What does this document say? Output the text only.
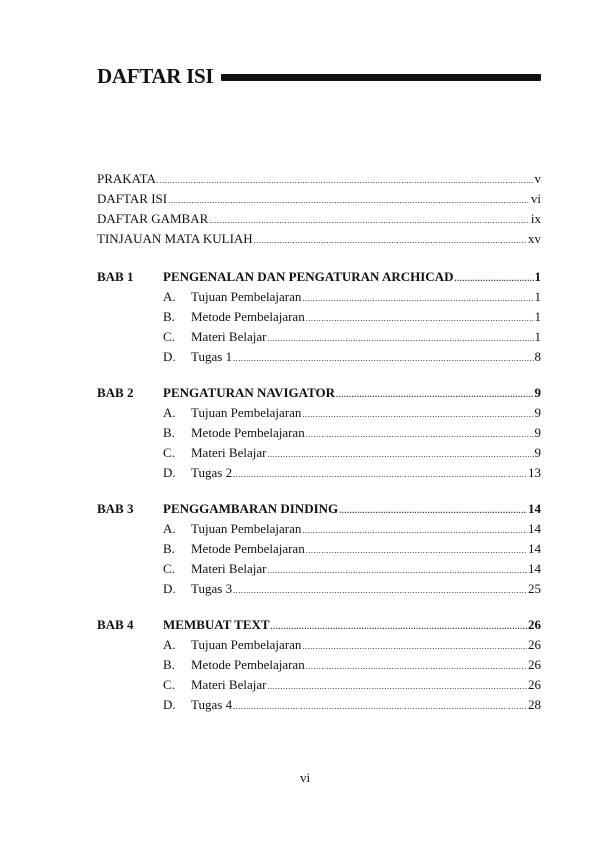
DAFTAR ISI
PRAKATA .....	v
DAFTAR ISI .....	vi
DAFTAR GAMBAR .....	ix
TINJAUAN MATA KULIAH .....	xv
BAB 1	PENGENALAN DAN PENGATURAN ARCHICAD .....	1
A.	Tujuan Pembelajaran .....	1
B.	Metode Pembelajaran .....	1
C.	Materi Belajar .....	1
D.	Tugas 1 .....	8
BAB 2	PENGATURAN NAVIGATOR .....	9
A.	Tujuan Pembelajaran .....	9
B.	Metode Pembelajaran .....	9
C.	Materi Belajar .....	9
D.	Tugas 2 .....	13
BAB 3	PENGGAMBARAN DINDING .....	14
A.	Tujuan Pembelajaran .....	14
B.	Metode Pembelajaran .....	14
C.	Materi Belajar .....	14
D.	Tugas 3 .....	25
BAB 4	MEMBUAT TEXT .....	26
A.	Tujuan Pembelajaran .....	26
B.	Metode Pembelajaran .....	26
C.	Materi Belajar .....	26
D.	Tugas 4 .....	28
vi
